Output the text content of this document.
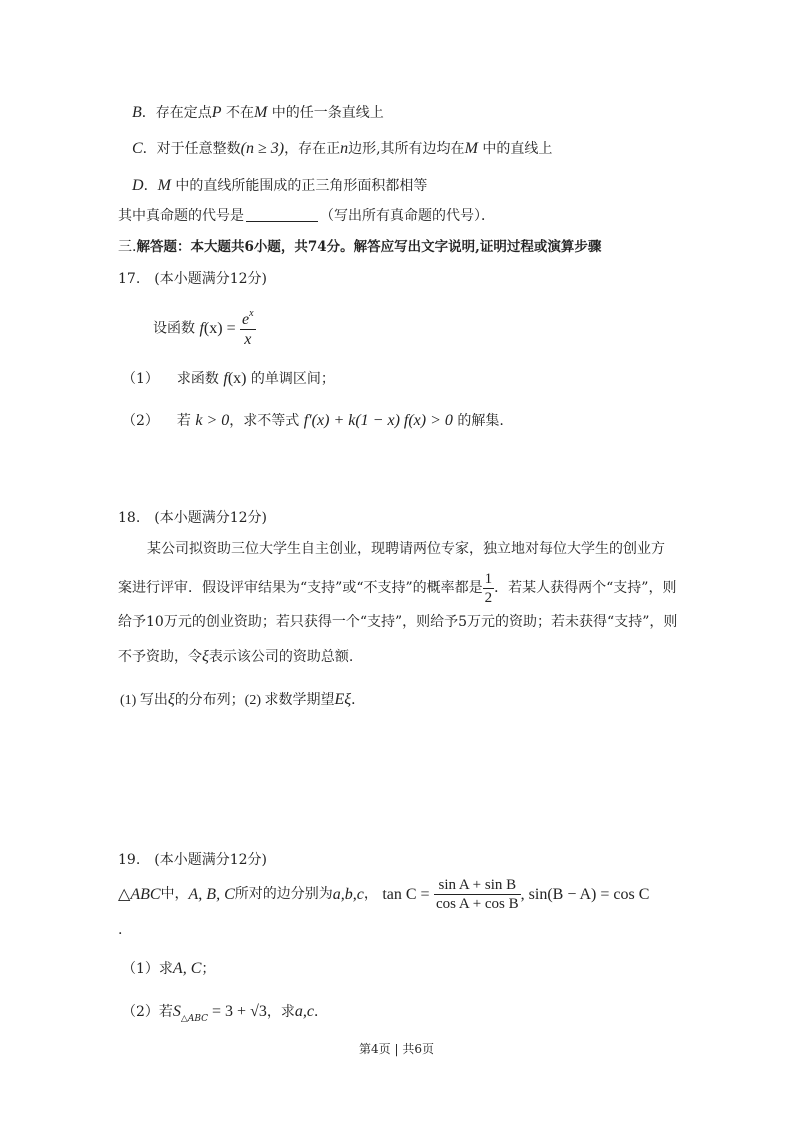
B．存在定点P 不在M 中的任一条直线上
C．对于任意整数(n ≥ 3)，存在正n边形,其所有边均在M 中的直线上
D．M 中的直线所能围成的正三角形面积都相等
其中真命题的代号是	（写出所有真命题的代号）．
三.解答题：本大题共6小题，共74分。解答应写出文字说明,证明过程或演算步骤
17.　(本小题满分12分)
设函数 $f(x) = \frac{e^x}{x}$
（1） 求函数 f(x) 的单调区间；
（2） 若 k > 0，求不等式 f′(x) + k(1 − x) f(x) > 0 的解集.
18.　(本小题满分12分)
某公司拟资助三位大学生自主创业，现聘请两位专家，独立地对每位大学生的创业方
案进行评审．假设评审结果为“支持”或“不支持”的概率都是 $\frac{1}{2}$ ．若某人获得两个“支持”，则
给予10万元的创业资助；若只获得一个“支持”，则给予5万元的资助；若未获得“支持”，则
不予资助，令ξ表示该公司的资助总额.
(1) 写出ξ的分布列；(2) 求数学期望Eξ．
19.　(本小题满分12分)
△ABC中，A, B, C所对的边分别为a,b,c， $\tan C = \frac{\text{sin A + sin B}}{\text{cos A + cos B}}$ , sin(B − A) = cos C
.
（1）求A, C；
（2）若$S_{\triangle ABC} = 3 + √3$，求a,c．
第4页 | 共6页
